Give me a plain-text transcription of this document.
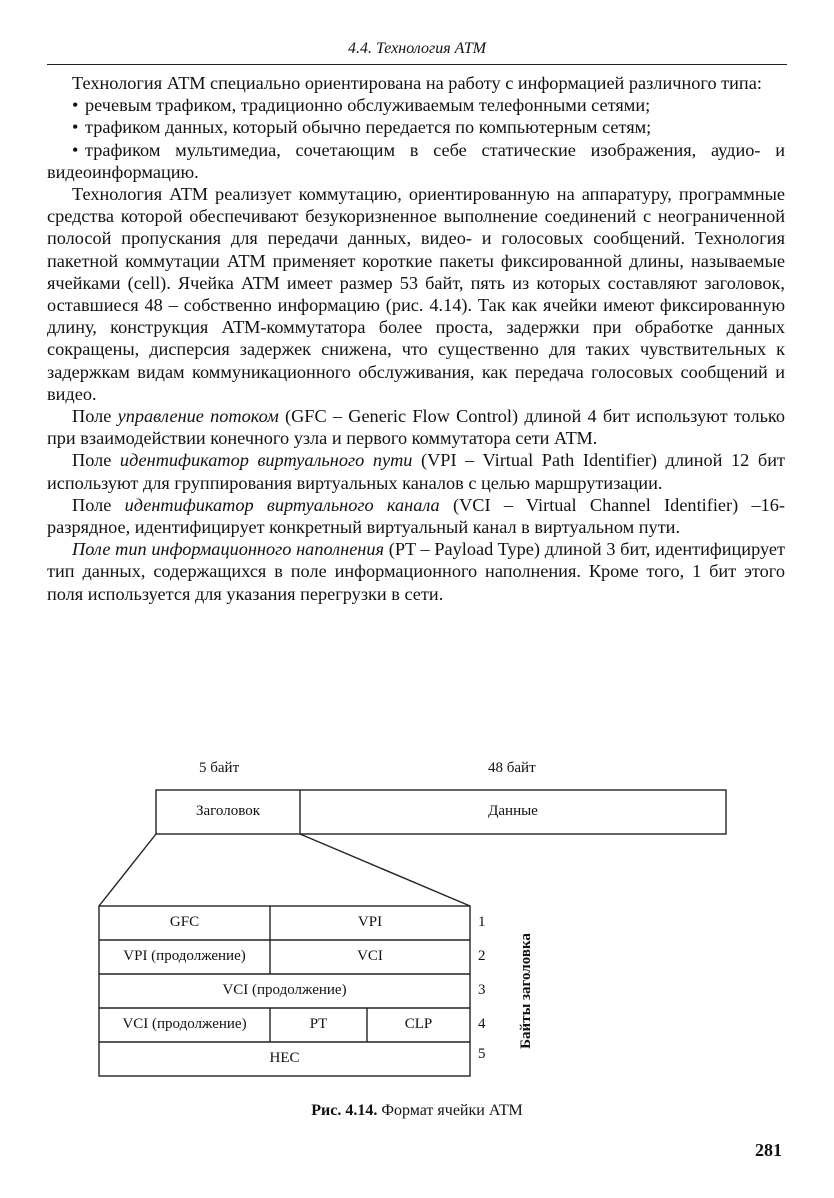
4.4. Технология АТМ

Технология АТМ специально ориентирована на работу с информацией различного типа:

• речевым трафиком, традиционно обслуживаемым телефонными сетями;
• трафиком данных, который обычно передается по компьютерным сетям;
• трафиком мультимедиа, сочетающим в себе статические изображения, аудио- и видеоинформацию.

Технология АТМ реализует коммутацию, ориентированную на аппаратуру, программные средства которой обеспечивают безукоризненное выполнение соединений с неограниченной полосой пропускания для передачи данных, видео- и голосовых сообщений. Технология пакетной коммутации АТМ применяет короткие пакеты фиксированной длины, называемые ячейками (cell). Ячейка АТМ имеет размер 53 байт, пять из которых составляют заголовок, оставшиеся 48 – собственно информацию (рис. 4.14). Так как ячейки имеют фиксированную длину, конструкция АТМ-коммутатора более проста, задержки при обработке данных сокращены, дисперсия задержек снижена, что существенно для таких чувствительных к задержкам видам коммуникационного обслуживания, как передача голосовых сообщений и видео.

Поле управление потоком (GFC – Generic Flow Control) длиной 4 бит используют только при взаимодействии конечного узла и первого коммутатора сети АТМ.

Поле идентификатор виртуального пути (VPI – Virtual Path Identifier) длиной 12 бит используют для группирования виртуальных каналов с целью маршрутизации.

Поле идентификатор виртуального канала (VCI – Virtual Channel Identifier) –16-разрядное, идентифицирует конкретный виртуальный канал в виртуальном пути.

Поле тип информационного наполнения (PT – Payload Type) длиной 3 бит, идентифицирует тип данных, содержащихся в поле информационного наполнения. Кроме того, 1 бит этого поля используется для указания перегрузки в сети.

5 байт	48 байт
Заголовок	Данные
GFC	VPI
VPI (продолжение)	VCI
VCI (продолжение)
VCI (продолжение)	PT	CLP
HEC
1
2
3
4
5
Байты заголовка
Рис. 4.14. Формат ячейки АТМ
281
